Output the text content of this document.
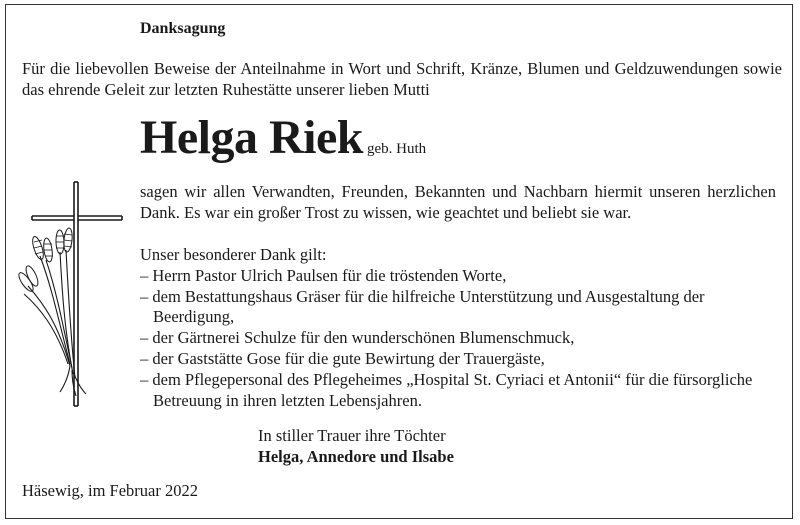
Danksagung
Für die liebevollen Beweise der Anteilnahme in Wort und Schrift, Kränze, Blumen und Geldzuwendungen sowie das ehrende Geleit zur letzten Ruhestätte unserer lieben Mutti
Helga Riek geb. Huth
sagen wir allen Verwandten, Freunden, Bekannten und Nachbarn hiermit unseren herzlichen Dank. Es war ein großer Trost zu wissen, wie geachtet und beliebt sie war.

Unser besonderer Dank gilt:

– Herrn Pastor Ulrich Paulsen für die tröstenden Worte,
– dem Bestattungshaus Gräser für die hilfreiche Unterstützung und Ausgestaltung der Beerdigung,
– der Gärtnerei Schulze für den wunderschönen Blumenschmuck,
– der Gaststätte Gose für die gute Bewirtung der Trauergäste,
– dem Pflegepersonal des Pflegeheimes „Hospital St. Cyriaci et Antonii“ für die fürsorgliche Betreuung in ihren letzten Lebensjahren.
In stiller Trauer ihre Töchter
Helga, Annedore und Ilsabe
Häsewig, im Februar 2022
